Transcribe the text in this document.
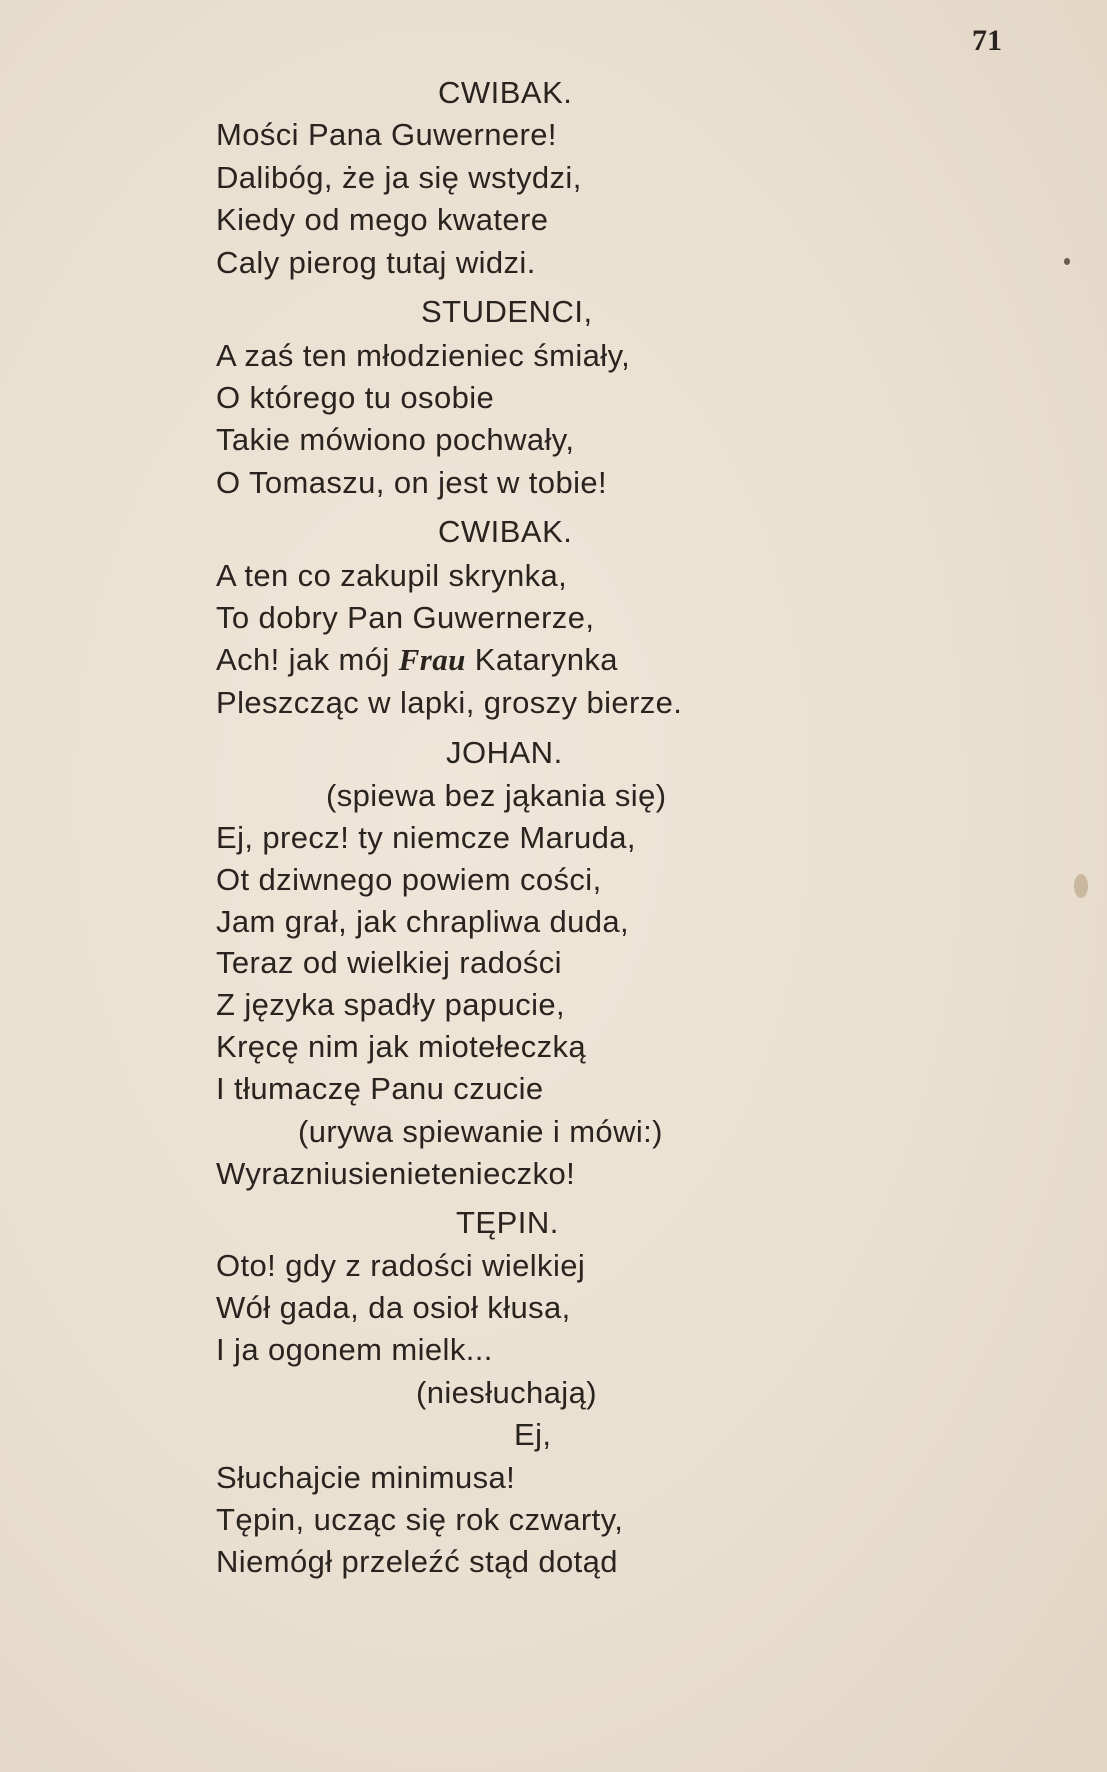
71
CWIBAK.
Mości Pana Guwernere!
Dalibóg, że ja się wstydzi,
Kiedy od mego kwatere
Caly pierog tutaj widzi.
STUDENCI,
A zaś ten młodzieniec śmiały,
O którego tu osobie
Takie mówiono pochwały,
O Tomaszu, on jest w tobie!
CWIBAK.
A ten co zakupil skrynka,
To dobry Pan Guwernerze,
Ach! jak mój Frau Katarynka
Pleszcząc w lapki, groszy bierze.
JOHAN.
(spiewa bez jąkania się)
Ej, precz! ty niemcze Maruda,
Ot dziwnego powiem cości,
Jam grał, jak chrapliwa duda,
Teraz od wielkiej radości
Z języka spadły papucie,
Kręcę nim jak miotełeczką
I tłumaczę Panu czucie
(urywa spiewanie i mówi:)
Wyrazniusienietenieczko!
TĘPIN.
Oto! gdy z radości wielkiej
Wół gada, da osioł kłusa,
I ja ogonem mielk...
(niesłuchają)
Ej,
Słuchajcie minimusa!
Tępin, ucząc się rok czwarty,
Niemógł przeleźć stąd dotąd
